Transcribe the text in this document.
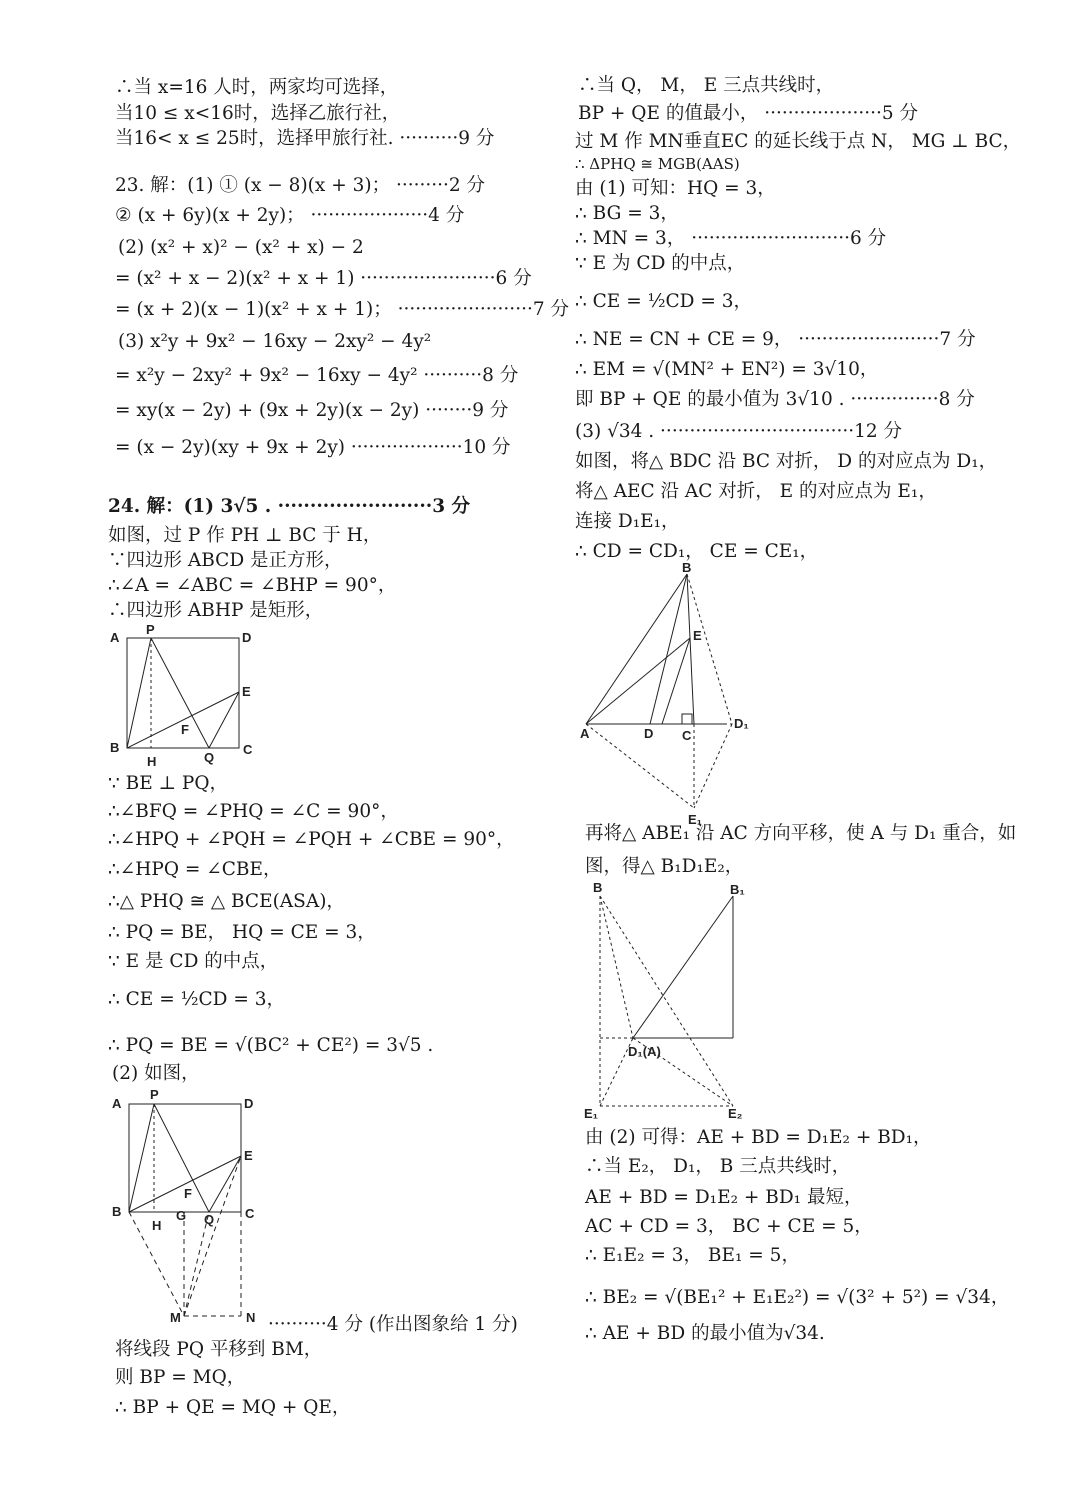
∴当 x=16 人时，两家均可选择，
当10 ≤ x<16时，选择乙旅行社，
当16< x ≤ 25时，选择甲旅行社. ··········9 分
23. 解：(1) ① (x − 8)(x + 3)； ·········2 分
② (x + 6y)(x + 2y)； ····················4 分
(2) (x² + x)² − (x² + x) − 2
= (x² + x − 2)(x² + x + 1) ·······················6 分
= (x + 2)(x − 1)(x² + x + 1)； ·······················7 分
(3) x²y + 9x² − 16xy − 2xy² − 4y²
= x²y − 2xy² + 9x² − 16xy − 4y² ··········8 分
= xy(x − 2y) + (9x + 2y)(x − 2y) ········9 分
= (x − 2y)(xy + 9x + 2y) ···················10 分
24. 解：(1) 3√5 . ························3 分
如图，过 P 作 PH ⊥ BC 于 H，
∵四边形 ABCD 是正方形，
∴∠A = ∠ABC = ∠BHP = 90°，
∴四边形 ABHP 是矩形，
A
P
D
E
F
B
H	Q
C
∵ BE ⊥ PQ，
∴∠BFQ = ∠PHQ = ∠C = 90°，
∴∠HPQ + ∠PQH = ∠PQH + ∠CBE = 90°，
∴∠HPQ = ∠CBE，
∴△ PHQ ≅ △ BCE(ASA)，
∴ PQ = BE， HQ = CE = 3，
∵ E 是 CD 的中点，
∴ CE = ½CD = 3，
∴ PQ = BE = √(BC² + CE²) = 3√5 .
(2) 如图，
A
P
D
E
F
B
H
G Q C
M	N ··········4 分 (作出图象给 1 分)
将线段 PQ 平移到 BM，
则 BP = MQ，
∴ BP + QE = MQ + QE，
∴当 Q， M， E 三点共线时，
BP + QE 的值最小， ····················5 分
过 M 作 MN垂直EC 的延长线于点 N， MG ⊥ BC，
∴ ΔPHQ ≅ MGB(AAS)
由 (1) 可知：HQ = 3，
∴ BG = 3，
∴ MN = 3， ···························6 分
∵ E 为 CD 的中点，
∴ CE = ½CD = 3，
∴ NE = CN + CE = 9， ························7 分
∴ EM = √(MN² + EN²) = 3√10，
即 BP + QE 的最小值为 3√10 . ···············8 分
(3) √34 . ·································12 分
如图，将△ BDC 沿 BC 对折， D 的对应点为 D₁，
将△ AEC 沿 AC 对折， E 的对应点为 E₁，
连接 D₁E₁，
∴ CD = CD₁， CE = CE₁，
B
E
A	D C
D₁
E₁
再将△ ABE₁ 沿 AC 方向平移，使 A 与 D₁ 重合，如
图，得△ B₁D₁E₂，
B	B₁
D₁(A)
E₁	E₂
由 (2) 可得：AE + BD = D₁E₂ + BD₁，
∴当 E₂， D₁， B 三点共线时，
AE + BD = D₁E₂ + BD₁ 最短，
AC + CD = 3， BC + CE = 5，
∴ E₁E₂ = 3， BE₁ = 5，
∴ BE₂ = √(BE₁² + E₁E₂²) = √(3² + 5²) = √34，
∴ AE + BD 的最小值为√34.
